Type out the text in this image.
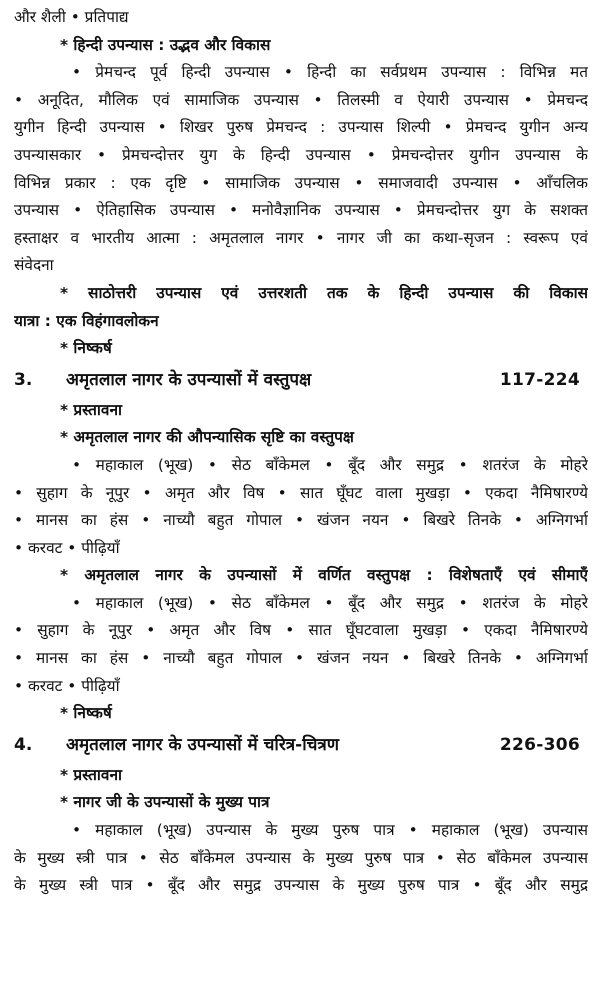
और शैली • प्रतिपाद्य
* हिन्दी उपन्यास : उद्भव और विकास
• प्रेमचन्द पूर्व हिन्दी उपन्यास • हिन्दी का सर्वप्रथम उपन्यास : विभिन्न मत
• अनूदित, मौलिक एवं सामाजिक उपन्यास • तिलस्मी व ऐयारी उपन्यास • प्रेमचन्द
युगीन हिन्दी उपन्यास • शिखर पुरुष प्रेमचन्द : उपन्यास शिल्पी • प्रेमचन्द युगीन अन्य
उपन्यासकार • प्रेमचन्दोत्तर युग के हिन्दी उपन्यास • प्रेमचन्दोत्तर युगीन उपन्यास के
विभिन्न प्रकार : एक दृष्टि • सामाजिक उपन्यास • समाजवादी उपन्यास • आँचलिक
उपन्यास • ऐतिहासिक उपन्यास • मनोवैज्ञानिक उपन्यास • प्रेमचन्दोत्तर युग के सशक्त
हस्ताक्षर व भारतीय आत्मा : अमृतलाल नागर • नागर जी का कथा-सृजन : स्वरूप एवं
संवेदना
* साठोत्तरी उपन्यास एवं उत्तरशती तक के हिन्दी उपन्यास की विकास
यात्रा : एक विहंगावलोकन
* निष्कर्ष
3.	अमृतलाल नागर के उपन्यासों में वस्तुपक्ष	117-224
* प्रस्तावना
* अमृतलाल नागर की औपन्यासिक सृष्टि का वस्तुपक्ष
• महाकाल (भूख) • सेठ बाँकेमल • बूँद और समुद्र • शतरंज के मोहरे
• सुहाग के नूपुर • अमृत और विष • सात घूँघट वाला मुखड़ा • एकदा नैमिषारण्ये
• मानस का हंस • नाच्यौ बहुत गोपाल • खंजन नयन • बिखरे तिनके • अग्निगर्भा
• करवट • पीढ़ियाँ
* अमृतलाल नागर के उपन्यासों में वर्णित वस्तुपक्ष : विशेषताएँ एवं सीमाएँ
• महाकाल (भूख) • सेठ बाँकेमल • बूँद और समुद्र • शतरंज के मोहरे
• सुहाग के नूपुर • अमृत और विष • सात घूँघटवाला मुखड़ा • एकदा नैमिषारण्ये
• मानस का हंस • नाच्यौ बहुत गोपाल • खंजन नयन • बिखरे तिनके • अग्निगर्भा
• करवट • पीढ़ियाँ
* निष्कर्ष
4.	अमृतलाल नागर के उपन्यासों में चरित्र-चित्रण	226-306
* प्रस्तावना
* नागर जी के उपन्यासों के मुख्य पात्र
• महाकाल (भूख) उपन्यास के मुख्य पुरुष पात्र • महाकाल (भूख) उपन्यास
के मुख्य स्त्री पात्र • सेठ बाँकेमल उपन्यास के मुख्य पुरुष पात्र • सेठ बाँकेमल उपन्यास
के मुख्य स्त्री पात्र • बूँद और समुद्र उपन्यास के मुख्य पुरुष पात्र • बूँद और समुद्र
